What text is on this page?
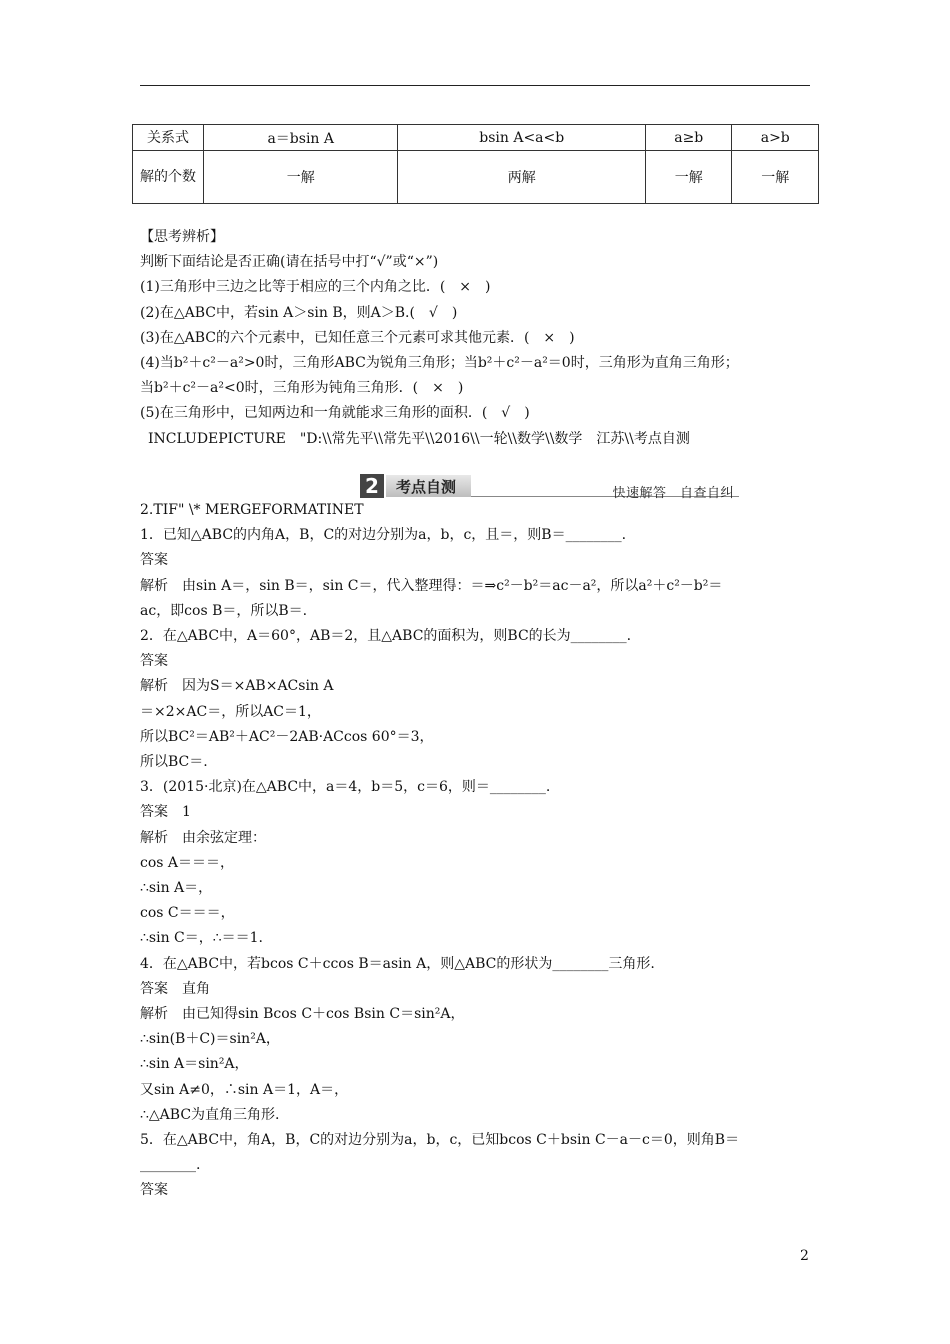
关系式	a＝bsin A	bsin A<a<b	a≥b	a>b
解的个数	一解	两解	一解	一解

【思考辨析】

判断下面结论是否正确(请在括号中打“√”或“×”)

(1)三角形中三边之比等于相应的三个内角之比．(　×　)

(2)在△ABC中，若sin A＞sin B，则A＞B.(　√　)

(3)在△ABC的六个元素中，已知任意三个元素可求其他元素．(　×　)

(4)当b²＋c²－a²>0时，三角形ABC为锐角三角形；当b²＋c²－a²＝0时，三角形为直角三角形；

当b²＋c²－a²<0时，三角形为钝角三角形．(　×　)

(5)在三角形中，已知两边和一角就能求三角形的面积．(　√　)

INCLUDEPICTURE　"D:\\常先平\\常先平\\2016\\一轮\\数学\\数学　江苏\\考点自测

2	考点自测	快速解答　自查自纠

2.TIF" \* MERGEFORMATINET

1．已知△ABC的内角A，B，C的对边分别为a，b，c，且＝，则B＝________.

答案

解析　由sin A＝，sin B＝，sin C＝，代入整理得：＝⇒c²－b²＝ac－a²，所以a²＋c²－b²＝

ac，即cos B＝，所以B＝.

2．在△ABC中，A＝60°，AB＝2，且△ABC的面积为，则BC的长为________.

答案

解析　因为S＝×AB×ACsin A

＝×2×AC＝，所以AC＝1，

所以BC²＝AB²＋AC²－2AB·ACcos 60°＝3，

所以BC＝.

3．(2015·北京)在△ABC中，a＝4，b＝5，c＝6，则＝________.

答案　1

解析　由余弦定理：

cos A＝＝＝，

∴sin A＝，

cos C＝＝＝，

∴sin C＝，∴＝＝1.

4．在△ABC中，若bcos C＋ccos B＝asin A，则△ABC的形状为________三角形.

答案　直角

解析　由已知得sin Bcos C＋cos Bsin C＝sin²A，

∴sin(B＋C)＝sin²A，

∴sin A＝sin²A，

又sin A≠0，∴sin A＝1，A＝，

∴△ABC为直角三角形.

5．在△ABC中，角A，B，C的对边分别为a，b，c，已知bcos C＋bsin C－a－c＝0，则角B＝

________.

答案

2
